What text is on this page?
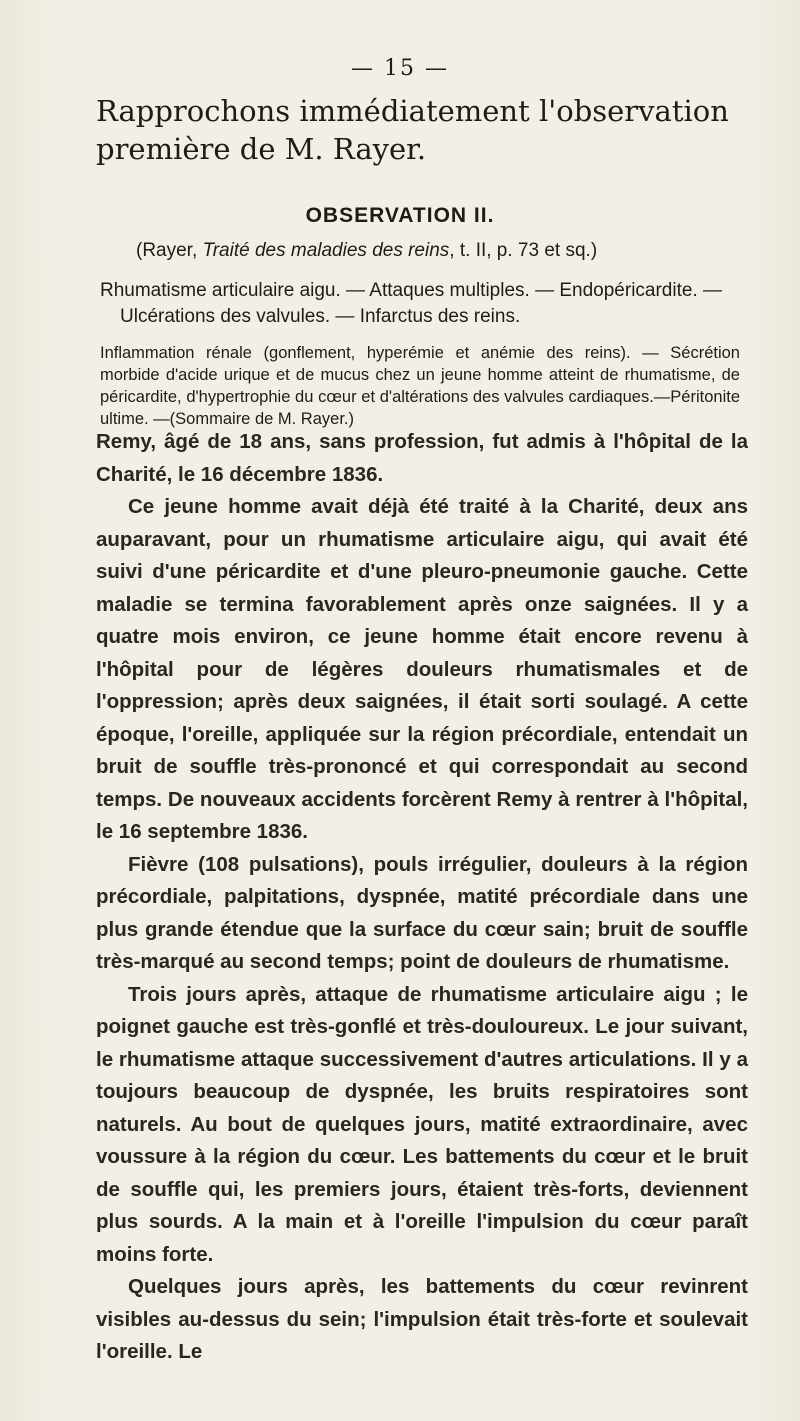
— 15 —

Rapprochons immédiatement l'observation première de M. Rayer.

OBSERVATION II.

(Rayer, Traité des maladies des reins, t. II, p. 73 et sq.)

Rhumatisme articulaire aigu. — Attaques multiples. — Endopéricardite. —
Ulcérations des valvules. — Infarctus des reins.

Inflammation rénale (gonflement, hyperémie et anémie des reins). — Sécrétion morbide d'acide urique et de mucus chez un jeune homme atteint de rhumatisme, de péricardite, d'hypertrophie du cœur et d'altérations des valvules cardiaques.—Péritonite ultime. —(Sommaire de M. Rayer.)

Remy, âgé de 18 ans, sans profession, fut admis à l'hôpital de la Charité, le 16 décembre 1836.

Ce jeune homme avait déjà été traité à la Charité, deux ans auparavant, pour un rhumatisme articulaire aigu, qui avait été suivi d'une péricardite et d'une pleuro-pneumonie gauche. Cette maladie se termina favorablement après onze saignées. Il y a quatre mois environ, ce jeune homme était encore revenu à l'hôpital pour de légères douleurs rhumatismales et de l'oppression; après deux saignées, il était sorti soulagé. A cette époque, l'oreille, appliquée sur la région précordiale, entendait un bruit de souffle très-prononcé et qui correspondait au second temps. De nouveaux accidents forcèrent Remy à rentrer à l'hôpital, le 16 septembre 1836.

Fièvre (108 pulsations), pouls irrégulier, douleurs à la région précordiale, palpitations, dyspnée, matité précordiale dans une plus grande étendue que la surface du cœur sain; bruit de souffle très-marqué au second temps; point de douleurs de rhumatisme.

Trois jours après, attaque de rhumatisme articulaire aigu ; le poignet gauche est très-gonflé et très-douloureux. Le jour suivant, le rhumatisme attaque successivement d'autres articulations. Il y a toujours beaucoup de dyspnée, les bruits respiratoires sont naturels. Au bout de quelques jours, matité extraordinaire, avec voussure à la région du cœur. Les battements du cœur et le bruit de souffle qui, les premiers jours, étaient très-forts, deviennent plus sourds. A la main et à l'oreille l'impulsion du cœur paraît moins forte.

Quelques jours après, les battements du cœur revinrent visibles au-dessus du sein; l'impulsion était très-forte et soulevait l'oreille. Le
